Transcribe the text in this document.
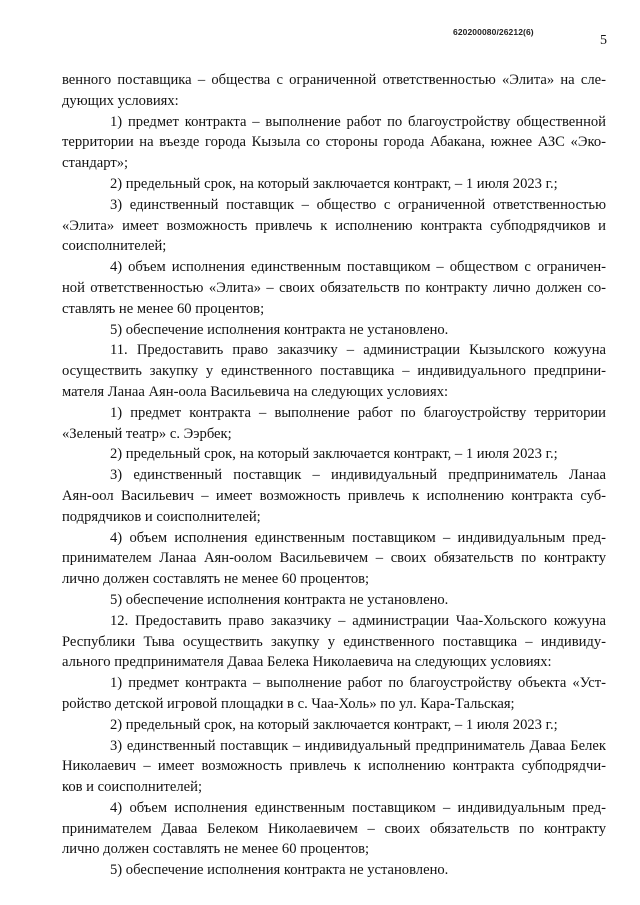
620200080/26212(6)
5
венного поставщика – общества с ограниченной ответственностью «Элита» на сле-
дующих условиях:
1) предмет контракта – выполнение работ по благоустройству общественной
территории на въезде города Кызыла со стороны города Абакана, южнее АЗС «Эко-
стандарт»;
2) предельный срок, на который заключается контракт, – 1 июля 2023 г.;
3) единственный поставщик – общество с ограниченной ответственностью
«Элита» имеет возможность привлечь к исполнению контракта субподрядчиков и
соисполнителей;
4) объем исполнения единственным поставщиком – обществом с ограничен-
ной ответственностью «Элита» – своих обязательств по контракту лично должен со-
ставлять не менее 60 процентов;
5) обеспечение исполнения контракта не установлено.
11. Предоставить право заказчику – администрации Кызылского кожууна
осуществить закупку у единственного поставщика – индивидуального предприни-
мателя Ланаа Аян-оола Васильевича на следующих условиях:
1) предмет контракта – выполнение работ по благоустройству территории
«Зеленый театр» с. Ээрбек;
2) предельный срок, на который заключается контракт, – 1 июля 2023 г.;
3) единственный поставщик – индивидуальный предприниматель Ланаа
Аян-оол Васильевич – имеет возможность привлечь к исполнению контракта суб-
подрядчиков и соисполнителей;
4) объем исполнения единственным поставщиком – индивидуальным пред-
принимателем Ланаа Аян-оолом Васильевичем – своих обязательств по контракту
лично должен составлять не менее 60 процентов;
5) обеспечение исполнения контракта не установлено.
12. Предоставить право заказчику – администрации Чаа-Хольского кожууна
Республики Тыва осуществить закупку у единственного поставщика – индивиду-
ального предпринимателя Даваа Белека Николаевича на следующих условиях:
1) предмет контракта – выполнение работ по благоустройству объекта «Уст-
ройство детской игровой площадки в с. Чаа-Холь» по ул. Кара-Тальская;
2) предельный срок, на который заключается контракт, – 1 июля 2023 г.;
3) единственный поставщик – индивидуальный предприниматель Даваа Белек
Николаевич – имеет возможность привлечь к исполнению контракта субподрядчи-
ков и соисполнителей;
4) объем исполнения единственным поставщиком – индивидуальным пред-
принимателем Даваа Белеком Николаевичем – своих обязательств по контракту
лично должен составлять не менее 60 процентов;
5) обеспечение исполнения контракта не установлено.
